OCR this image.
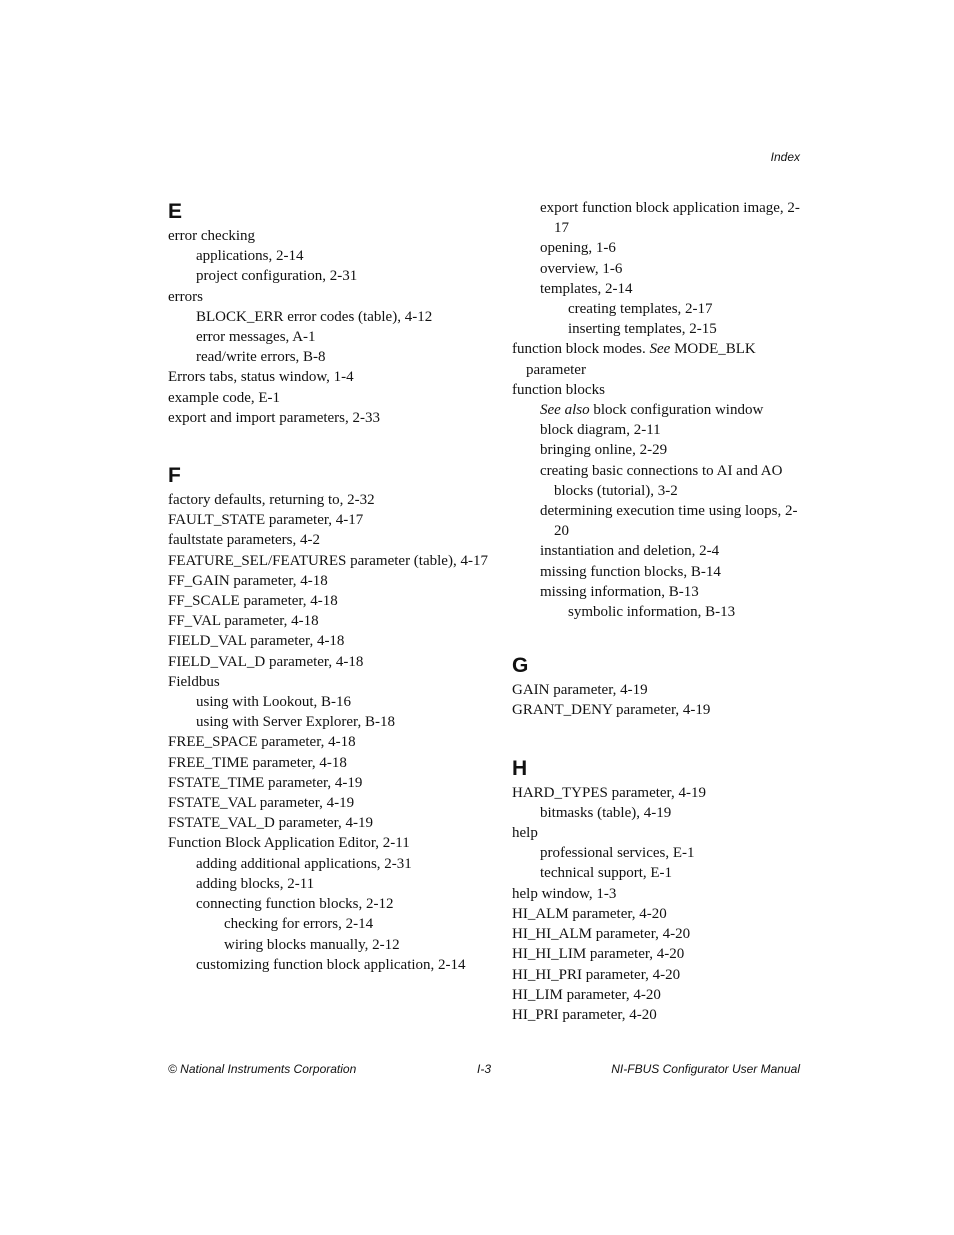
Index
E
error checking
applications, 2-14
project configuration, 2-31
errors
BLOCK_ERR error codes (table), 4-12
error messages, A-1
read/write errors, B-8
Errors tabs, status window, 1-4
example code, E-1
export and import parameters, 2-33
F
factory defaults, returning to, 2-32
FAULT_STATE parameter, 4-17
faultstate parameters, 4-2
FEATURE_SEL/FEATURES parameter (table), 4-17
FF_GAIN parameter, 4-18
FF_SCALE parameter, 4-18
FF_VAL parameter, 4-18
FIELD_VAL parameter, 4-18
FIELD_VAL_D parameter, 4-18
Fieldbus
using with Lookout, B-16
using with Server Explorer, B-18
FREE_SPACE parameter, 4-18
FREE_TIME parameter, 4-18
FSTATE_TIME parameter, 4-19
FSTATE_VAL parameter, 4-19
FSTATE_VAL_D parameter, 4-19
Function Block Application Editor, 2-11
adding additional applications, 2-31
adding blocks, 2-11
connecting function blocks, 2-12
checking for errors, 2-14
wiring blocks manually, 2-12
customizing function block application, 2-14
export function block application image, 2-17
opening, 1-6
overview, 1-6
templates, 2-14
creating templates, 2-17
inserting templates, 2-15
function block modes. See MODE_BLK parameter
function blocks
See also block configuration window
block diagram, 2-11
bringing online, 2-29
creating basic connections to AI and AO blocks (tutorial), 3-2
determining execution time using loops, 2-20
instantiation and deletion, 2-4
missing function blocks, B-14
missing information, B-13
symbolic information, B-13
G
GAIN parameter, 4-19
GRANT_DENY parameter, 4-19
H
HARD_TYPES parameter, 4-19
bitmasks (table), 4-19
help
professional services, E-1
technical support, E-1
help window, 1-3
HI_ALM parameter, 4-20
HI_HI_ALM parameter, 4-20
HI_HI_LIM parameter, 4-20
HI_HI_PRI parameter, 4-20
HI_LIM parameter, 4-20
HI_PRI parameter, 4-20
© National Instruments Corporation	I-3	NI-FBUS Configurator User Manual
